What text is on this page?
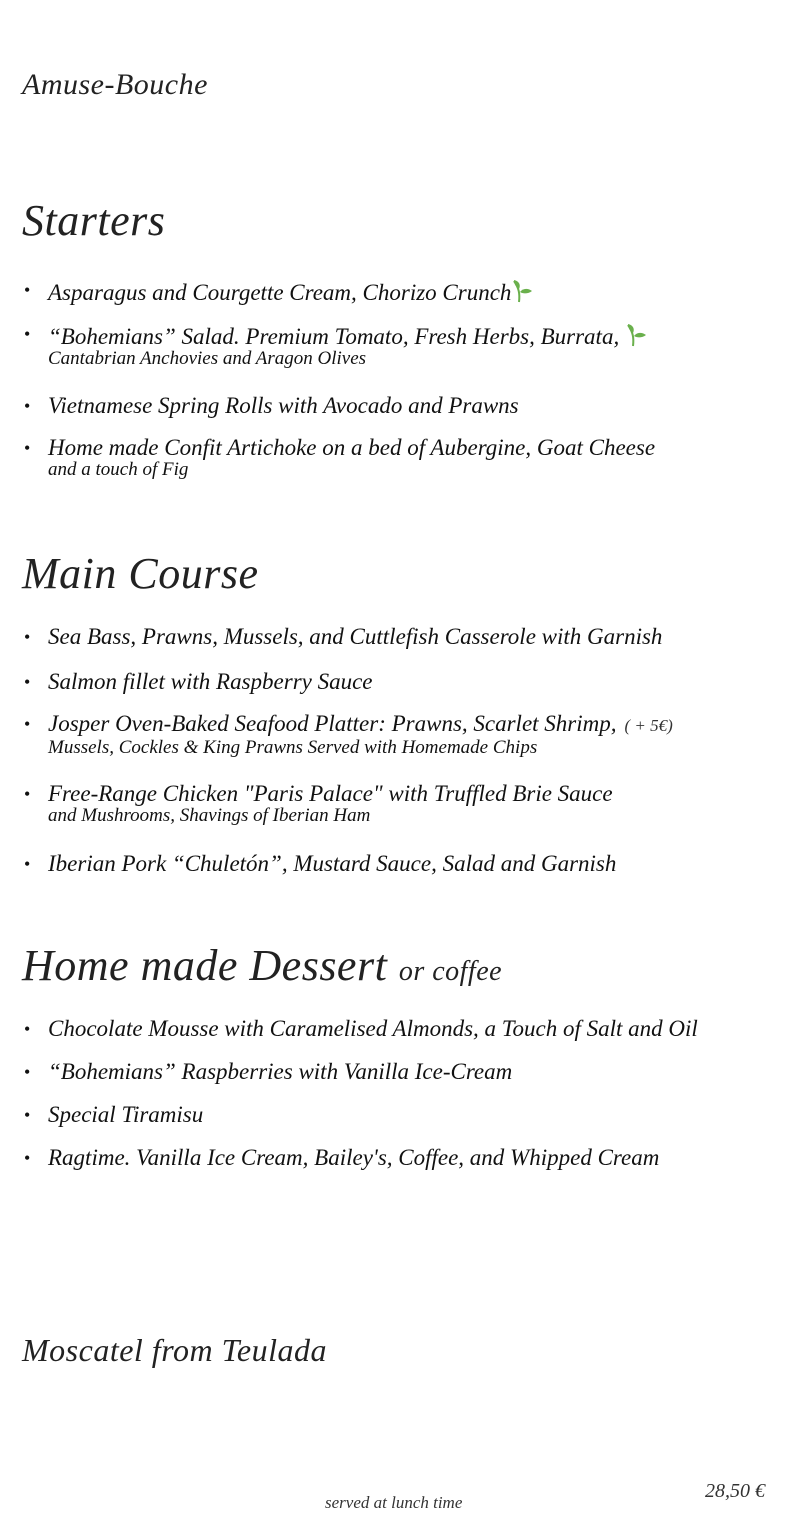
Amuse-Bouche
Starters
• Asparagus and Courgette Cream, Chorizo Crunch
• “Bohemians” Salad. Premium Tomato, Fresh Herbs, Burrata,
Cantabrian Anchovies and Aragon Olives
• Vietnamese Spring Rolls with Avocado and Prawns
• Home made Confit Artichoke on a bed of Aubergine, Goat Cheese
and a touch of Fig
Main Course
• Sea Bass, Prawns, Mussels, and Cuttlefish Casserole with Garnish
• Salmon fillet with Raspberry Sauce
• Josper Oven-Baked Seafood Platter: Prawns, Scarlet Shrimp, ( + 5€)
Mussels, Cockles & King Prawns Served with Homemade Chips
• Free-Range Chicken "Paris Palace" with Truffled Brie Sauce
and Mushrooms, Shavings of Iberian Ham
• Iberian Pork “Chuletón”, Mustard Sauce, Salad and Garnish
Home made Dessert or coffee
• Chocolate Mousse with Caramelised Almonds, a Touch of Salt and Oil
• “Bohemians” Raspberries with Vanilla Ice-Cream
• Special Tiramisu
• Ragtime. Vanilla Ice Cream, Bailey's, Coffee, and Whipped Cream
Moscatel from Teulada
served at lunch time
28,50 €
